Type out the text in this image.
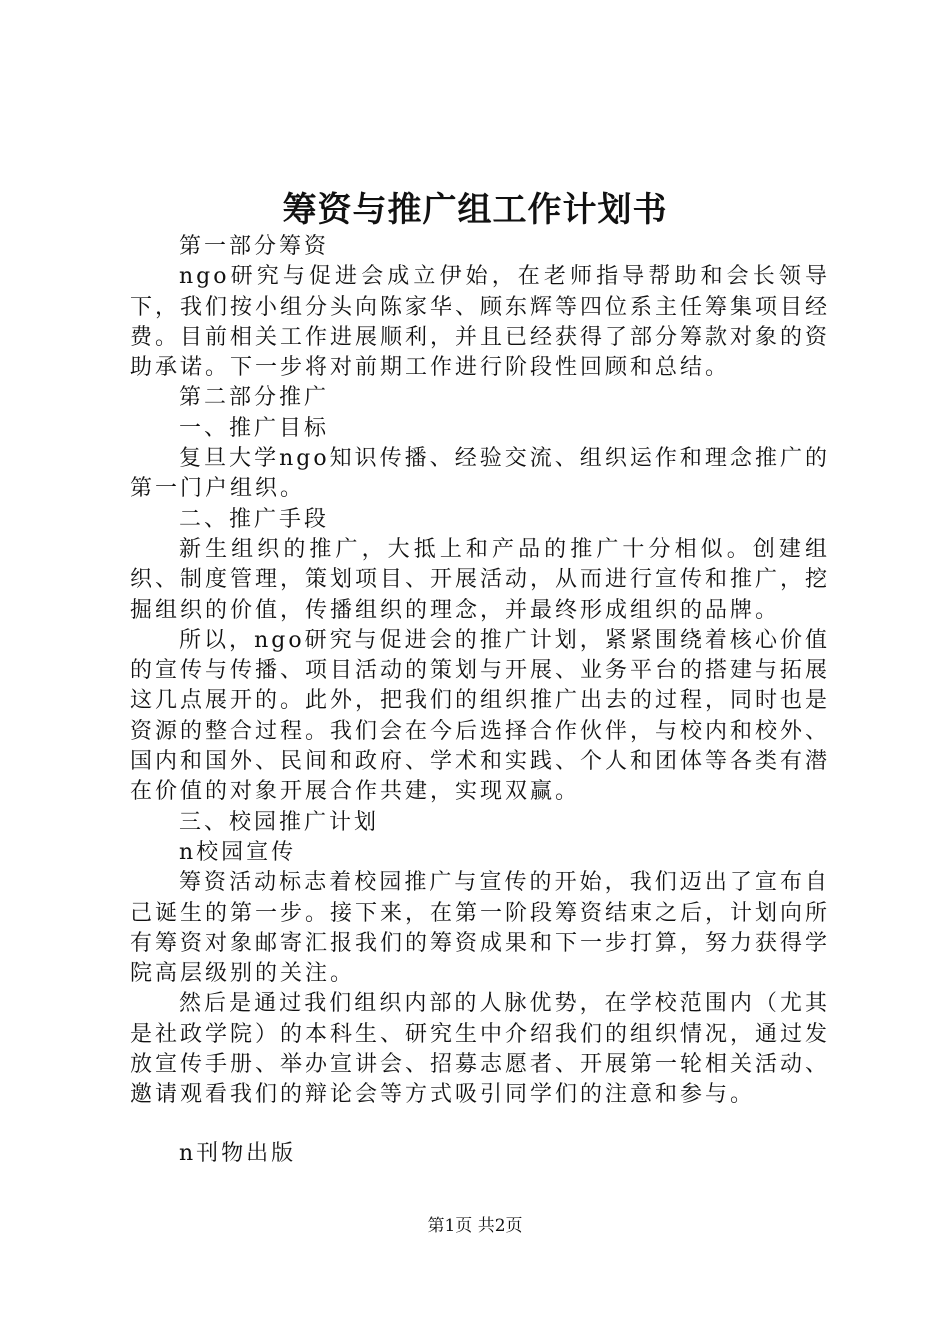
筹资与推广组工作计划书
第一部分筹资
ngo研究与促进会成立伊始，在老师指导帮助和会长领导下，我们按小组分头向陈家华、顾东辉等四位系主任筹集项目经费。目前相关工作进展顺利，并且已经获得了部分筹款对象的资助承诺。下一步将对前期工作进行阶段性回顾和总结。
第二部分推广
一、推广目标
复旦大学ngo知识传播、经验交流、组织运作和理念推广的第一门户组织。
二、推广手段
新生组织的推广，大抵上和产品的推广十分相似。创建组织、制度管理，策划项目、开展活动，从而进行宣传和推广，挖掘组织的价值，传播组织的理念，并最终形成组织的品牌。
所以，ngo研究与促进会的推广计划，紧紧围绕着核心价值的宣传与传播、项目活动的策划与开展、业务平台的搭建与拓展这几点展开的。此外，把我们的组织推广出去的过程，同时也是资源的整合过程。我们会在今后选择合作伙伴，与校内和校外、国内和国外、民间和政府、学术和实践、个人和团体等各类有潜在价值的对象开展合作共建，实现双赢。
三、校园推广计划
n校园宣传
筹资活动标志着校园推广与宣传的开始，我们迈出了宣布自己诞生的第一步。接下来，在第一阶段筹资结束之后，计划向所有筹资对象邮寄汇报我们的筹资成果和下一步打算，努力获得学院高层级别的关注。
然后是通过我们组织内部的人脉优势，在学校范围内（尤其是社政学院）的本科生、研究生中介绍我们的组织情况，通过发放宣传手册、举办宣讲会、招募志愿者、开展第一轮相关活动、邀请观看我们的辩论会等方式吸引同学们的注意和参与。
n刊物出版
第1页 共2页
